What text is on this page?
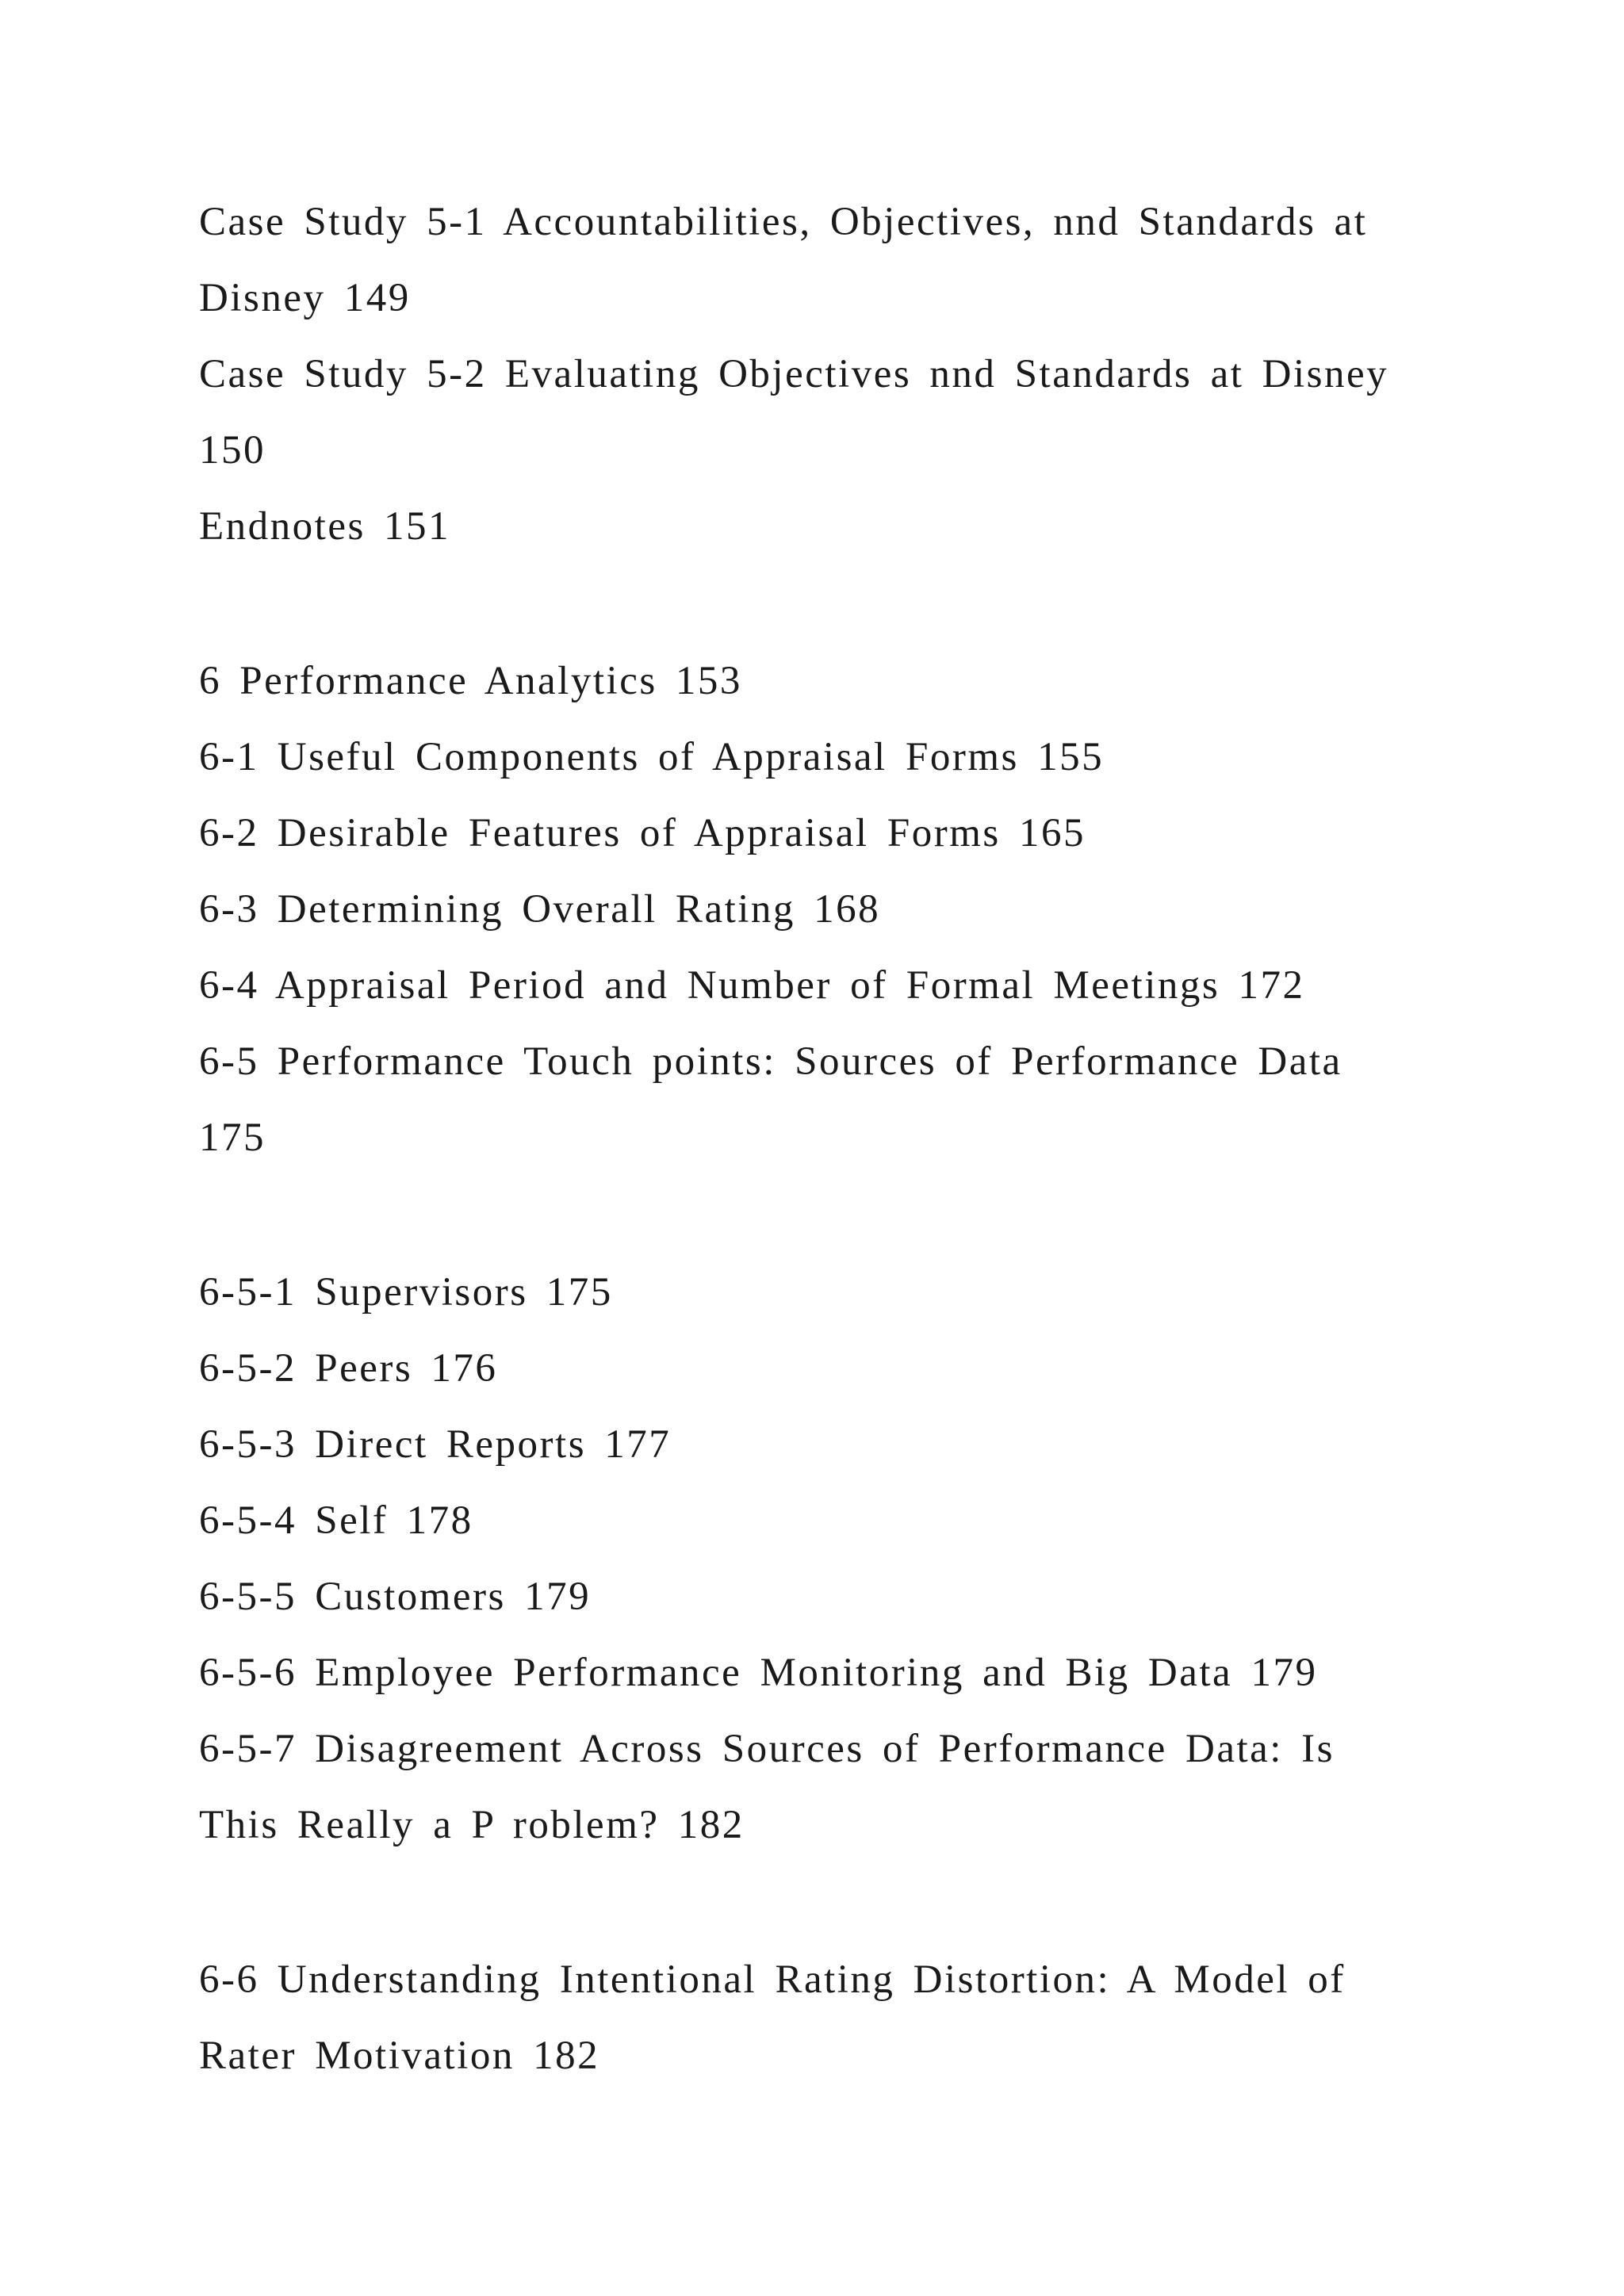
Case Study 5-1 Accountabilities, Objectives, nnd Standards at

Disney 149

Case Study 5-2 Evaluating Objectives nnd Standards at Disney

150

Endnotes 151

6 Performance Analytics 153

6-1 Useful Components of Appraisal Forms 155

6-2 Desirable Features of Appraisal Forms 165

6-3 Determining Overall Rating 168

6-4 Appraisal Period and Number of Formal Meetings 172

6-5 Performance Touch points: Sources of Performance Data

175

6-5-1 Supervisors 175

6-5-2 Peers 176

6-5-3 Direct Reports 177

6-5-4 Self 178

6-5-5 Customers 179

6-5-6 Employee Performance Monitoring and Big Data 179

6-5-7 Disagreement Across Sources of Performance Data: Is

This Really a P roblem? 182

6-6 Understanding Intentional Rating Distortion: A Model of

Rater Motivation 182
